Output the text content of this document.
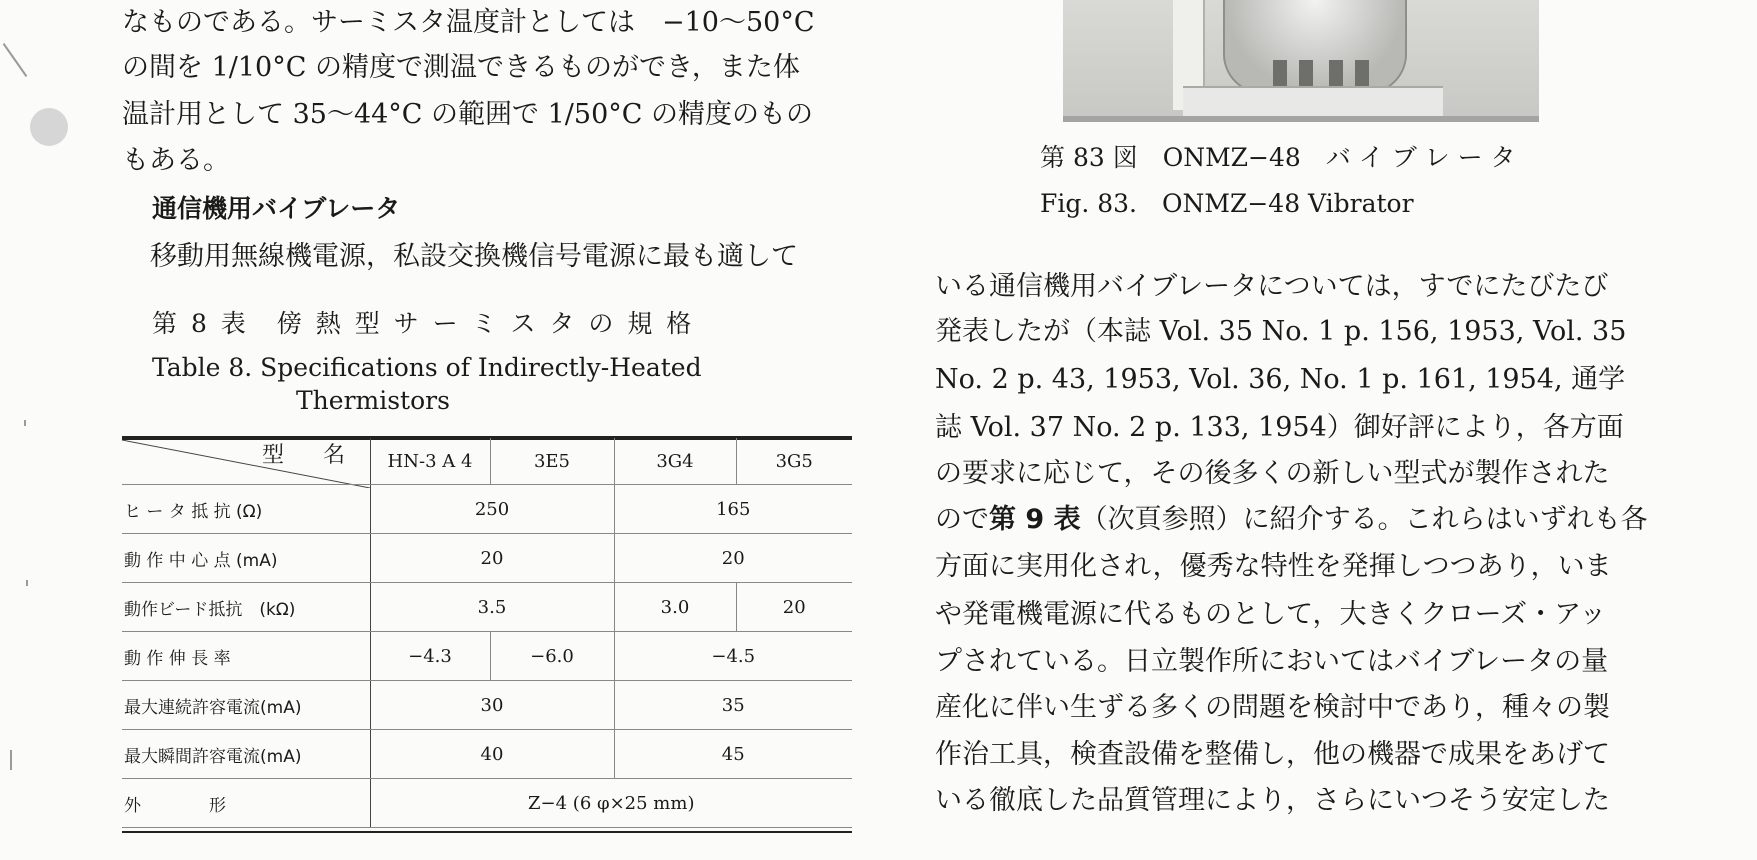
なものである。サーミスタ温度計としては　−10〜50°C
の間を 1/10°C の精度で測温できるものができ，また体
温計用として 35〜44°C の範囲で 1/50°C の精度のもの
もある。
通信機用バイブレータ
移動用無線機電源，私設交換機信号電源に最も適して
第 8 表　傍 熱 型 サ ー ミ ス タ の 規 格
Table 8. Specifications of Indirectly-Heated
Thermistors
型 名
	HN-3 A 4	3E5	3G4	3G5
ヒ ー タ 抵 抗 (Ω)	250		165	
動 作 中 心 点 (mA)	20		20	
動作ビード抵抗　(kΩ)	3.5		3.0	20
動 作 伸 長 率	−4.3	−6.0	−4.5	
最大連続許容電流(mA)	30		35	
最大瞬間許容電流(mA)	40		45	
外　　　　形	Z−4 (6 φ×25 mm)			
第 83 図　ONMZ−48　バ イ ブ レ ー タ
Fig. 83.　ONMZ−48 Vibrator
いる通信機用バイブレータについては，すでにたびたび
発表したが（本誌 Vol. 35 No. 1 p. 156, 1953, Vol. 35
No. 2 p. 43, 1953, Vol. 36, No. 1 p. 161, 1954, 通学
誌 Vol. 37 No. 2 p. 133, 1954）御好評により，各方面
の要求に応じて，その後多くの新しい型式が製作された
ので第 9 表（次頁参照）に紹介する。これらはいずれも各
方面に実用化され，優秀な特性を発揮しつつあり，いま
や発電機電源に代るものとして，大きくクローズ・アッ
プされている。日立製作所においてはバイブレータの量
産化に伴い生ずる多くの問題を検討中であり，種々の製
作治工具，検査設備を整備し，他の機器で成果をあげて
いる徹底した品質管理により，さらにいつそう安定した
